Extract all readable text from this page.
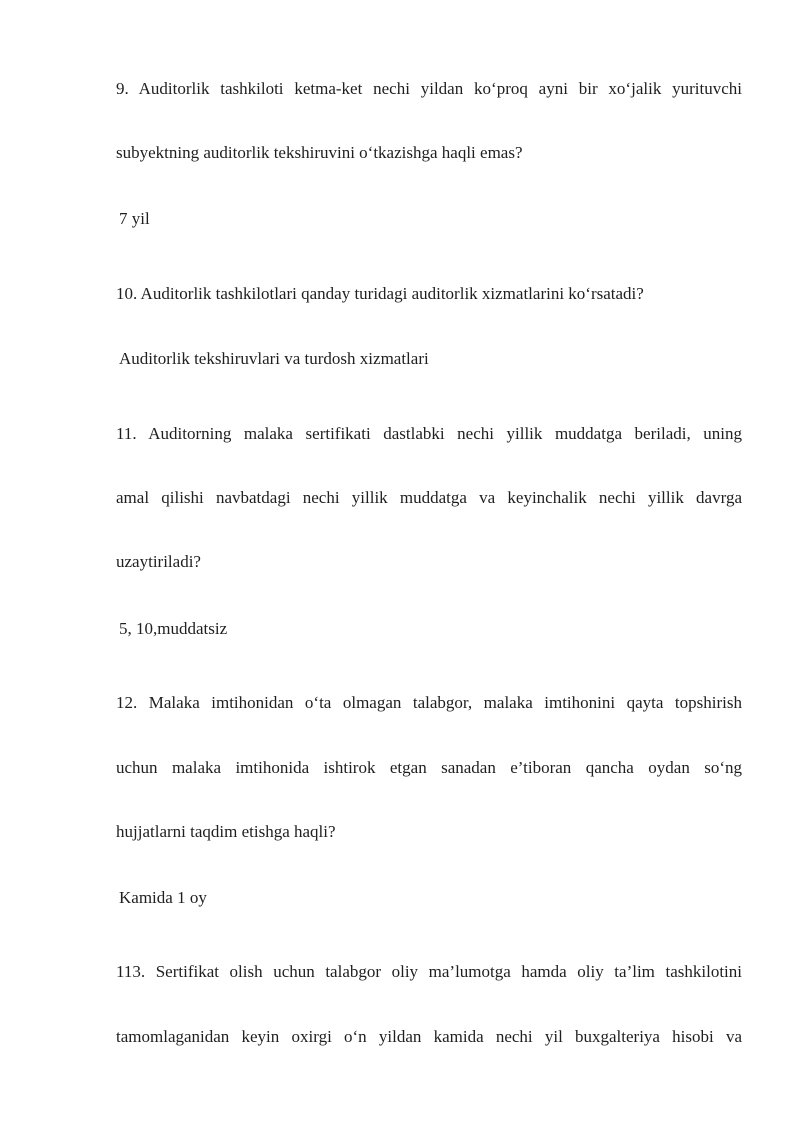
9. Auditorlik tashkiloti ketma-ket nechi yildan ko‘proq ayni bir xo‘jalik yurituvchi
subyektning auditorlik tekshiruvini o‘tkazishga haqli emas?
7 yil
10. Auditorlik tashkilotlari qanday turidagi auditorlik xizmatlarini ko‘rsatadi?
Auditorlik tekshiruvlari va turdosh xizmatlari
11. Auditorning malaka sertifikati dastlabki nechi yillik muddatga beriladi, uning
amal qilishi navbatdagi nechi yillik muddatga va keyinchalik nechi yillik davrga
uzaytiriladi?
5, 10,muddatsiz
12. Malaka imtihonidan o‘ta olmagan talabgor, malaka imtihonini qayta topshirish
uchun malaka imtihonida ishtirok etgan sanadan e’tiboran qancha oydan so‘ng
hujjatlarni taqdim etishga haqli?
Kamida 1 oy
113. Sertifikat olish uchun talabgor oliy ma’lumotga hamda oliy ta’lim tashkilotini
tamomlaganidan keyin oxirgi o‘n yildan kamida nechi yil buxgalteriya hisobi va
